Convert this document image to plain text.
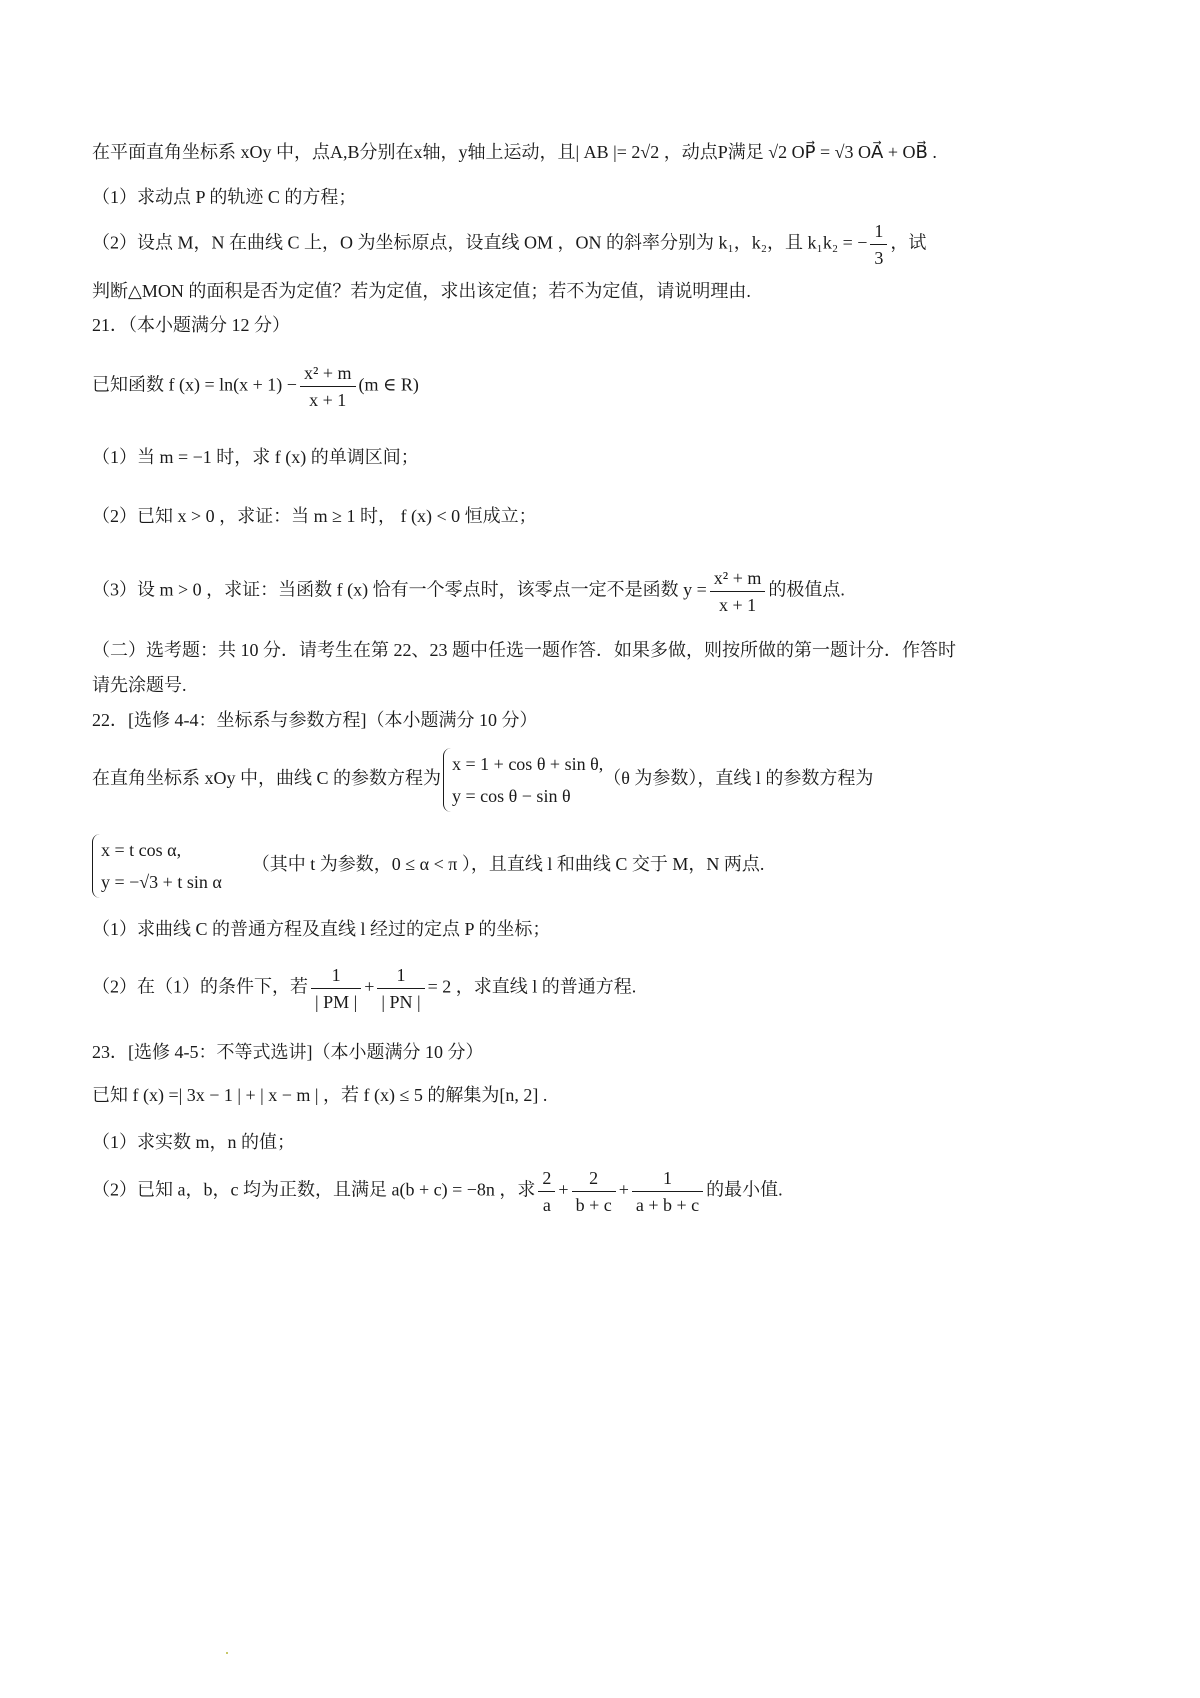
在平面直角坐标系 xOy 中，点A,B分别在x轴，y轴上运动，且| AB |= 2√2 ，动点P满足 √2 OP⃗ = √3 OA⃗ + OB⃗ .
（1）求动点 P 的轨迹 C 的方程；
（2）设点 M，N 在曲线 C 上，O 为坐标原点，设直线 OM ，ON 的斜率分别为 k₁，k₂，且 k₁k₂ = − $\frac{1}{3}$ ，试
判断△MON 的面积是否为定值？若为定值，求出该定值；若不为定值，请说明理由.
21．（本小题满分 12 分）
已知函数 f $(x) = \ln(x + 1) - \frac{\text{x² + m}}{x + 1} (m$ ∈ R)
（1）当 m = −1 时，求 f (x) 的单调区间；
（2）已知 x > 0 ，求证：当 m ≥ 1 时， f (x) < 0 恒成立；
（3）设 m > 0 ，求证：当函数 f (x) 恰有一个零点时，该零点一定不是函数 $y = \frac{\text{x² + m}}{x + 1}$ 的极值点.
（二）选考题：共 10 分．请考生在第 22、23 题中任选一题作答．如果多做，则按所做的第一题计分．作答时
请先涂题号.
22．[选修 4-4：坐标系与参数方程]（本小题满分 10 分）
在直角坐标系 xOy 中，曲线 C 的参数方程为
x = 1 + cos θ + sin θ,
y = cos θ − sin θ
（θ 为参数），直线 l 的参数方程为
x = t cos α,
y = −√3 + t sin α
（其中 t 为参数，0 ≤ α < π ），且直线 l 和曲线 C 交于 M，N 两点.
（1）求曲线 C 的普通方程及直线 l 经过的定点 P 的坐标；
（2）在（1）的条件下，若 $\frac{1}{| PM |} + \frac{1}{| PN |} = 2$ ，求直线 l 的普通方程.
23．[选修 4-5：不等式选讲]（本小题满分 10 分）
已知 f (x) =| 3x − 1 | + | x − m | ，若 f (x) ≤ 5 的解集为[n, 2] .
（1）求实数 m，n 的值；
（2）已知 a，b，c 均为正数，且满足 a(b + c) = −8n ，求 $\frac{2}{a} + \frac{2}{b + c} + \frac{1}{a + b + c}$ 的最小值.
